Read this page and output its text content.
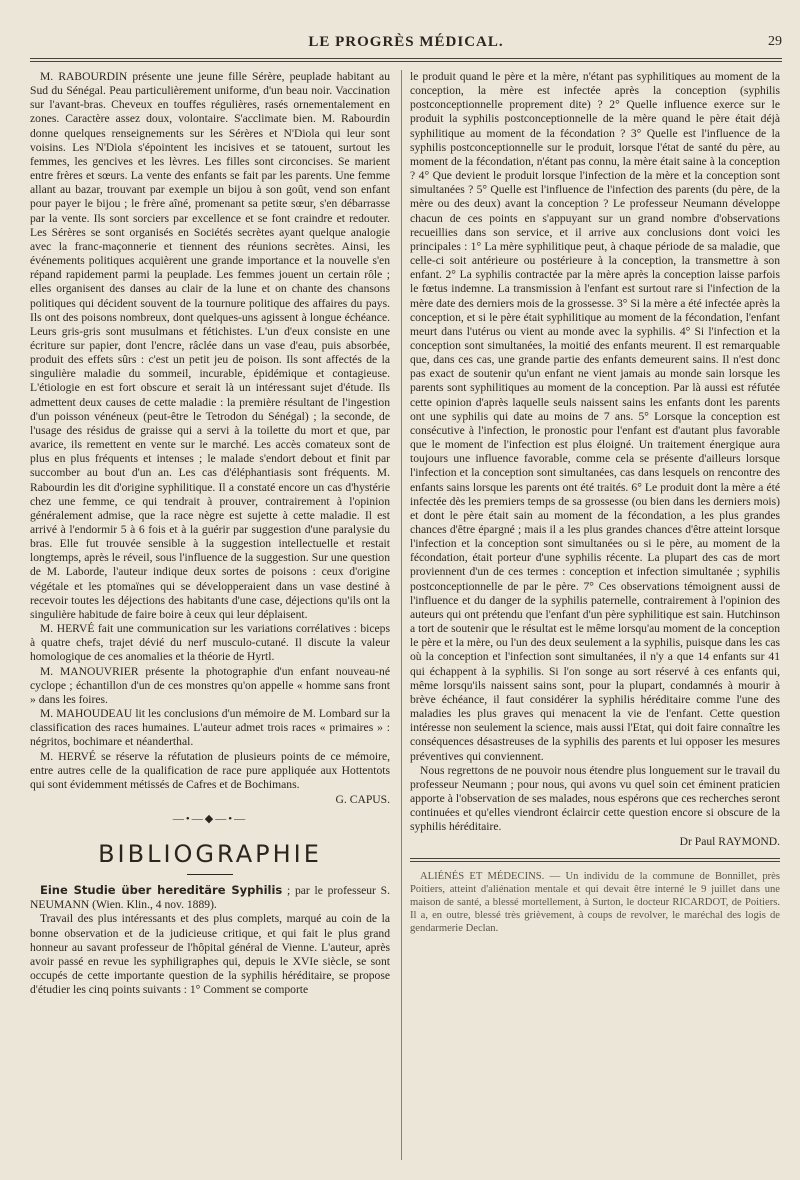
LE PROGRÈS MÉDICAL.	29

M. RABOURDIN présente une jeune fille Sérère, peuplade habitant au Sud du Sénégal. Peau particulièrement uniforme, d'un beau noir. Vaccination sur l'avant-bras. Cheveux en touffes régulières, rasés ornementalement en zones. Caractère assez doux, volontaire. S'acclimate bien. M. Rabourdin donne quelques renseignements sur les Sérères et N'Diola qui leur sont voisins. Les N'Diola s'épointent les incisives et se tatouent, surtout les femmes, les gencives et les lèvres. Les filles sont circoncises. Se marient entre frères et sœurs. La vente des enfants se fait par les parents. Une femme allant au bazar, trouvant par exemple un bijou à son goût, vend son enfant pour payer le bijou ; le frère aîné, promenant sa petite sœur, s'en débarrasse par la vente. Ils sont sorciers par excellence et se font craindre et redouter. Les Sérères se sont organisés en Sociétés secrètes ayant quelque analogie avec la franc-maçonnerie et tiennent des réunions secrètes. Ainsi, les événements politiques acquièrent une grande importance et la nouvelle s'en répand rapidement parmi la peuplade. Les femmes jouent un certain rôle ; elles organisent des danses au clair de la lune et on chante des chansons politiques qui décident souvent de la tournure politique des affaires du pays. Ils ont des poisons nombreux, dont quelques-uns agissent à longue échéance. Leurs gris-gris sont musulmans et fétichistes. L'un d'eux consiste en une écriture sur papier, dont l'encre, râclée dans un vase d'eau, puis absorbée, produit des effets sûrs : c'est un petit jeu de poison. Ils sont affectés de la singulière maladie du sommeil, incurable, épidémique et contagieuse. L'étiologie en est fort obscure et serait là un intéressant sujet d'étude. Ils admettent deux causes de cette maladie : la première résultant de l'ingestion d'un poisson vénéneux (peut-être le Tetrodon du Sénégal) ; la seconde, de l'usage des résidus de graisse qui a servi à la toilette du mort et que, par avarice, ils remettent en vente sur le marché. Les accès comateux sont de plus en plus fréquents et intenses ; le malade s'endort debout et finit par succomber au bout d'un an. Les cas d'éléphantiasis sont fréquents. M. Rabourdin les dit d'origine syphilitique. Il a constaté encore un cas d'hystérie chez une femme, ce qui tendrait à prouver, contrairement à l'opinion généralement admise, que la race nègre est sujette à cette maladie. Il est arrivé à l'endormir 5 à 6 fois et à la guérir par suggestion d'une paralysie du bras. Elle fut trouvée sensible à la suggestion intellectuelle et restait longtemps, après le réveil, sous l'influence de la suggestion. Sur une question de M. Laborde, l'auteur indique deux sortes de poisons : ceux d'origine végétale et les ptomaïnes qui se développeraient dans un vase destiné à recevoir toutes les déjections des habitants d'une case, déjections qu'ils ont la singulière habitude de faire boire à ceux qui leur déplaisent.

M. HERVÉ fait une communication sur les variations corrélatives : biceps à quatre chefs, trajet dévié du nerf musculo-cutané. Il discute la valeur homologique de ces anomalies et la théorie de Hyrtl.

M. MANOUVRIER présente la photographie d'un enfant nouveau-né cyclope ; échantillon d'un de ces monstres qu'on appelle « homme sans front » dans les foires.

M. MAHOUDEAU lit les conclusions d'un mémoire de M. Lombard sur la classification des races humaines. L'auteur admet trois races « primaires » : négritos, bochimare et néanderthal.

M. HERVÉ se réserve la réfutation de plusieurs points de ce mémoire, entre autres celle de la qualification de race pure appliquée aux Hottentots qui sont évidemment métissés de Cafres et de Bochimans.

G. CAPUS.

—•—◆—•—
BIBLIOGRAPHIE

Eine Studie über hereditäre Syphilis ; par le professeur S. NEUMANN (Wien. Klin., 4 nov. 1889).

Travail des plus intéressants et des plus complets, marqué au coin de la bonne observation et de la judicieuse critique, et qui fait le plus grand honneur au savant professeur de l'hôpital général de Vienne. L'auteur, après avoir passé en revue les syphiligraphes qui, depuis le XVIe siècle, se sont occupés de cette importante question de la syphilis héréditaire, se propose d'étudier les cinq points suivants : 1° Comment se comporte

le produit quand le père et la mère, n'étant pas syphilitiques au moment de la conception, la mère est infectée après la conception (syphilis postconceptionnelle proprement dite) ? 2° Quelle influence exerce sur le produit la syphilis postconceptionnelle de la mère quand le père était déjà syphilitique au moment de la fécondation ? 3° Quelle est l'influence de la syphilis postconceptionnelle sur le produit, lorsque l'état de santé du père, au moment de la fécondation, n'étant pas connu, la mère était saine à la conception ? 4° Que devient le produit lorsque l'infection de la mère et la conception sont simultanées ? 5° Quelle est l'influence de l'infection des parents (du père, de la mère ou des deux) avant la conception ? Le professeur Neumann développe chacun de ces points en s'appuyant sur un grand nombre d'observations recueillies dans son service, et il arrive aux conclusions dont voici les principales : 1° La mère syphilitique peut, à chaque période de sa maladie, que celle-ci soit antérieure ou postérieure à la conception, la transmettre à son enfant. 2° La syphilis contractée par la mère après la conception laisse parfois le fœtus indemne. La transmission à l'enfant est surtout rare si l'infection de la mère date des derniers mois de la grossesse. 3° Si la mère a été infectée après la conception, et si le père était syphilitique au moment de la fécondation, l'enfant meurt dans l'utérus ou vient au monde avec la syphilis. 4° Si l'infection et la conception sont simultanées, la moitié des enfants meurent. Il est remarquable que, dans ces cas, une grande partie des enfants demeurent sains. Il n'est donc pas exact de soutenir qu'un enfant ne vient jamais au monde sain lorsque les parents sont syphilitiques au moment de la conception. Par là aussi est réfutée cette opinion d'après laquelle seuls naissent sains les enfants dont les parents ont une syphilis qui date au moins de 7 ans. 5° Lorsque la conception est consécutive à l'infection, le pronostic pour l'enfant est d'autant plus favorable que le moment de l'infection est plus éloigné. Un traitement énergique aura toujours une influence favorable, comme cela se présente d'ailleurs lorsque l'infection et la conception sont simultanées, cas dans lesquels on rencontre des enfants sains lorsque les parents ont été traités. 6° Le produit dont la mère a été infectée dès les premiers temps de sa grossesse (ou bien dans les derniers mois) et dont le père était sain au moment de la fécondation, a les plus grandes chances d'être épargné ; mais il a les plus grandes chances d'être atteint lorsque l'infection et la conception sont simultanées ou si le père, au moment de la fécondation, était porteur d'une syphilis récente. La plupart des cas de mort proviennent d'un de ces termes : conception et infection simultanée ; syphilis postconceptionnelle de par le père. 7° Ces observations témoignent aussi de l'influence et du danger de la syphilis paternelle, contrairement à l'opinion des auteurs qui ont prétendu que l'enfant d'un père syphilitique est sain. Hutchinson a tort de soutenir que le résultat est le même lorsqu'au moment de la conception le père et la mère, ou l'un des deux seulement a la syphilis, puisque dans les cas où la conception et l'infection sont simultanées, il n'y a que 14 enfants sur 41 qui échappent à la syphilis. Si l'on songe au sort réservé à ces enfants qui, même lorsqu'ils naissent sains sont, pour la plupart, condamnés à mourir à brève échéance, il faut considérer la syphilis héréditaire comme l'une des maladies les plus graves qui menacent la vie de l'enfant. Cette question intéresse non seulement la science, mais aussi l'Etat, qui doit faire connaître les conséquences désastreuses de la syphilis des parents et lui opposer les mesures préventives qui conviennent.

Nous regrettons de ne pouvoir nous étendre plus longuement sur le travail du professeur Neumann ; pour nous, qui avons vu quel soin cet éminent praticien apporte à l'observation de ses malades, nous espérons que ces recherches seront continuées et qu'elles viendront éclaircir cette question encore si obscure de la syphilis héréditaire.

Dr Paul RAYMOND.

ALIÉNÉS ET MÉDECINS. — Un individu de la commune de Bonnillet, près Poitiers, atteint d'aliénation mentale et qui devait être interné le 9 juillet dans une maison de santé, a blessé mortellement, à Surton, le docteur RICARDOT, de Poitiers. Il a, en outre, blessé très grièvement, à coups de revolver, le maréchal des logis de gendarmerie Declan.
